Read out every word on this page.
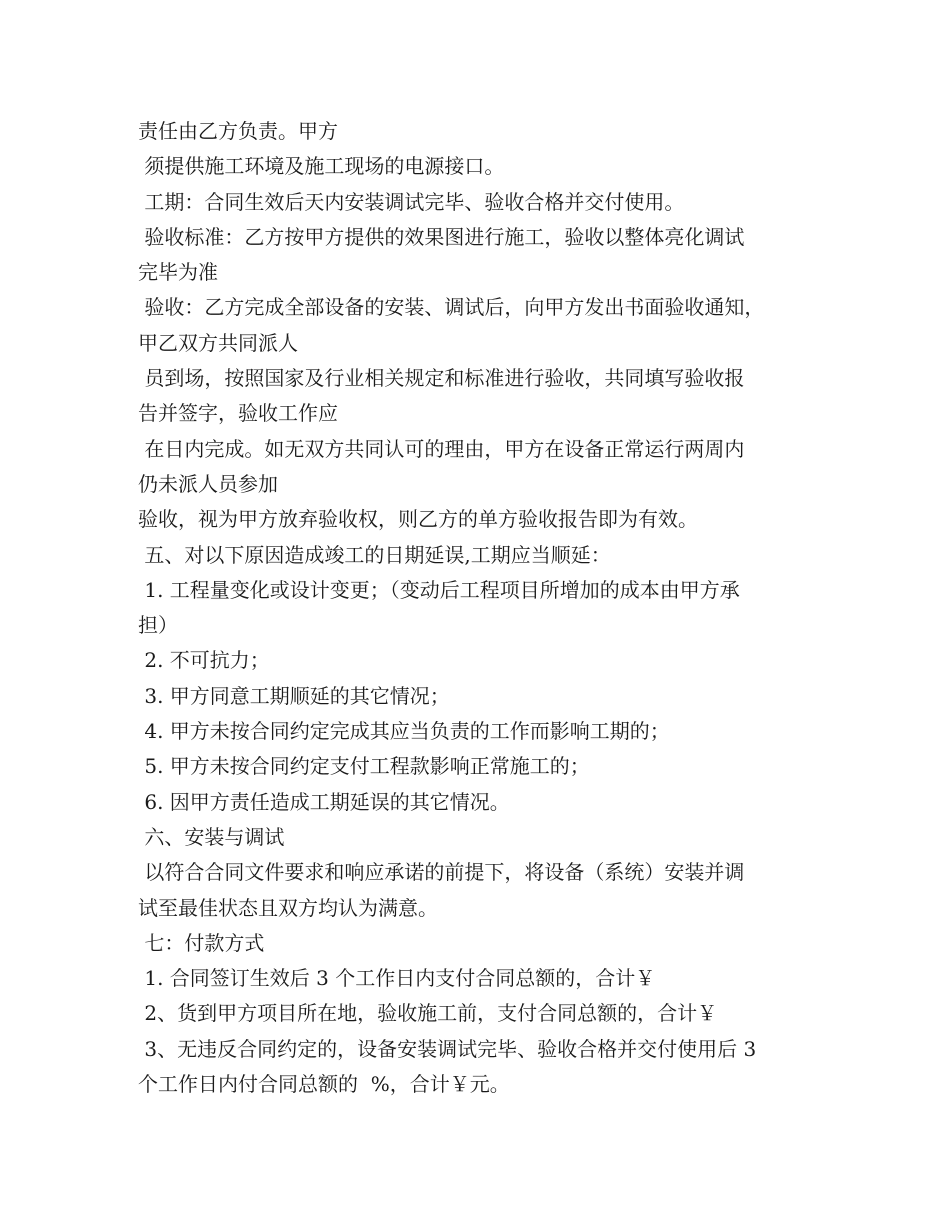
责任由乙方负责。甲方
须提供施工环境及施工现场的电源接口。
工期：合同生效后天内安装调试完毕、验收合格并交付使用。
验收标准：乙方按甲方提供的效果图进行施工，验收以整体亮化调试
完毕为准
验收：乙方完成全部设备的安装、调试后，向甲方发出书面验收通知，
甲乙双方共同派人
员到场，按照国家及行业相关规定和标准进行验收，共同填写验收报
告并签字，验收工作应
在日内完成。如无双方共同认可的理由，甲方在设备正常运行两周内
仍未派人员参加
验收，视为甲方放弃验收权，则乙方的单方验收报告即为有效。
五、对以下原因造成竣工的日期延误,工期应当顺延：
1. 工程量变化或设计变更；（变动后工程项目所增加的成本由甲方承
担）
2. 不可抗力；
3. 甲方同意工期顺延的其它情况；
4. 甲方未按合同约定完成其应当负责的工作而影响工期的；
5. 甲方未按合同约定支付工程款影响正常施工的；
6. 因甲方责任造成工期延误的其它情况。
六、安装与调试
以符合合同文件要求和响应承诺的前提下，将设备（系统）安装并调
试至最佳状态且双方均认为满意。
七：付款方式
1. 合同签订生效后 3 个工作日内支付合同总额的，合计￥
2、货到甲方项目所在地，验收施工前，支付合同总额的，合计￥
3、无违反合同约定的，设备安装调试完毕、验收合格并交付使用后 3
个工作日内付合同总额的  %，合计￥元。
